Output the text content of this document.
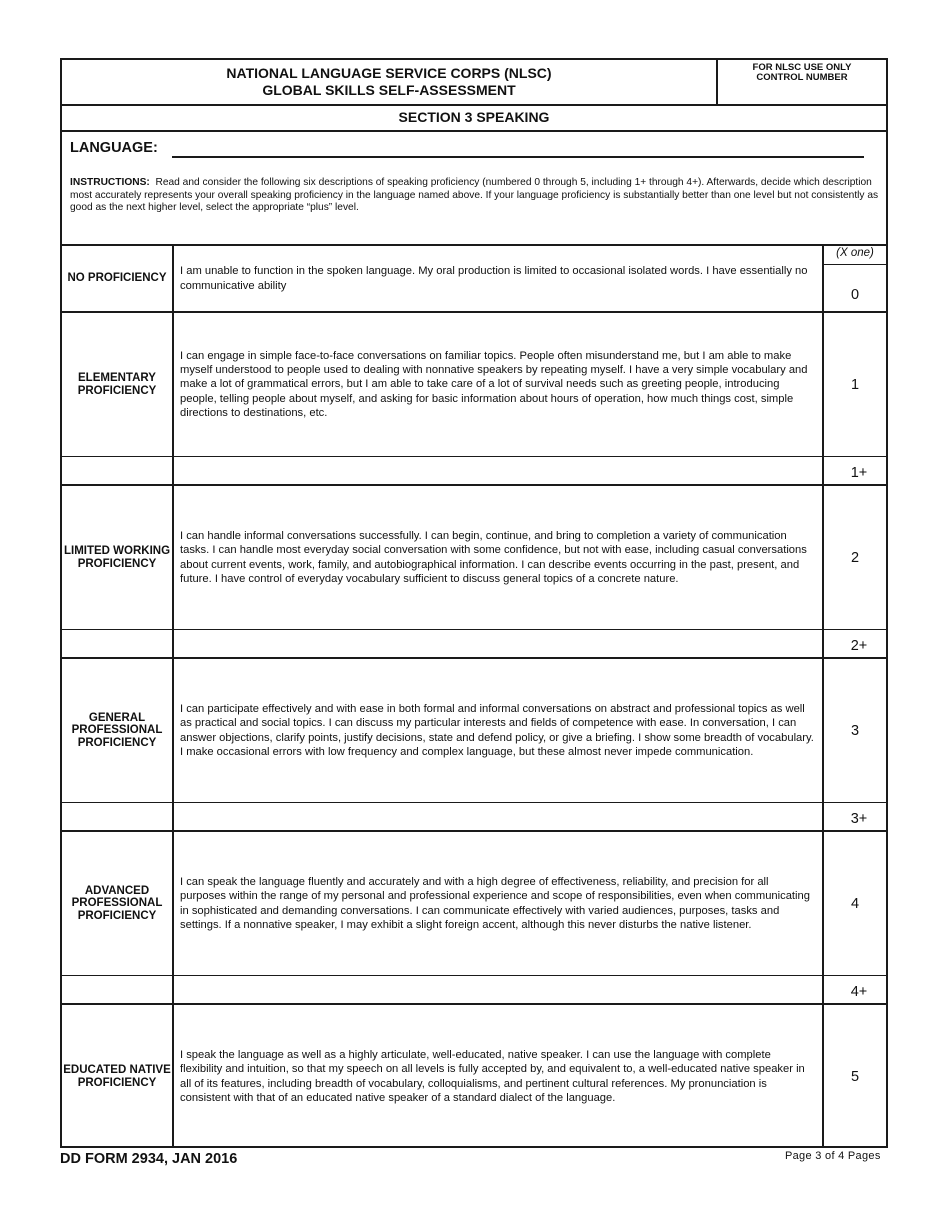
NATIONAL LANGUAGE SERVICE CORPS (NLSC)
GLOBAL SKILLS SELF-ASSESSMENT
FOR NLSC USE ONLY
CONTROL NUMBER
SECTION 3 SPEAKING
LANGUAGE:
INSTRUCTIONS: Read and consider the following six descriptions of speaking proficiency (numbered 0 through 5, including 1+ through 4+). Afterwards, decide which description most accurately represents your overall speaking proficiency in the language named above. If your language proficiency is substantially better than one level but not consistently as good as the next higher level, select the appropriate “plus” level.
(X one)
NO PROFICIENCY
I am unable to function in the spoken language. My oral production is limited to occasional isolated words. I have essentially no communicative ability
0
ELEMENTARY PROFICIENCY
I can engage in simple face-to-face conversations on familiar topics. People often misunderstand me, but I am able to make myself understood to people used to dealing with nonnative speakers by repeating myself. I have a very simple vocabulary and make a lot of grammatical errors, but I am able to take care of a lot of survival needs such as greeting people, introducing people, telling people about myself, and asking for basic information about hours of operation, how much things cost, simple directions to destinations, etc.
1
1+
LIMITED WORKING PROFICIENCY
I can handle informal conversations successfully. I can begin, continue, and bring to completion a variety of communication tasks. I can handle most everyday social conversation with some confidence, but not with ease, including casual conversations about current events, work, family, and autobiographical information. I can describe events occurring in the past, present, and future. I have control of everyday vocabulary sufficient to discuss general topics of a concrete nature.
2
2+
GENERAL PROFESSIONAL PROFICIENCY
I can participate effectively and with ease in both formal and informal conversations on abstract and professional topics as well as practical and social topics. I can discuss my particular interests and fields of competence with ease. In conversation, I can answer objections, clarify points, justify decisions, state and defend policy, or give a briefing. I show some breadth of vocabulary. I make occasional errors with low frequency and complex language, but these almost never impede communication.
3
3+
ADVANCED PROFESSIONAL PROFICIENCY
I can speak the language fluently and accurately and with a high degree of effectiveness, reliability, and precision for all purposes within the range of my personal and professional experience and scope of responsibilities, even when communicating in sophisticated and demanding conversations. I can communicate effectively with varied audiences, purposes, tasks and settings. If a nonnative speaker, I may exhibit a slight foreign accent, although this never disturbs the native listener.
4
4+
EDUCATED NATIVE PROFICIENCY
I speak the language as well as a highly articulate, well-educated, native speaker. I can use the language with complete flexibility and intuition, so that my speech on all levels is fully accepted by, and equivalent to, a well-educated native speaker in all of its features, including breadth of vocabulary, colloquialisms, and pertinent cultural references. My pronunciation is consistent with that of an educated native speaker of a standard dialect of the language.
5
DD FORM 2934, JAN 2016	Page 3 of 4 Pages
